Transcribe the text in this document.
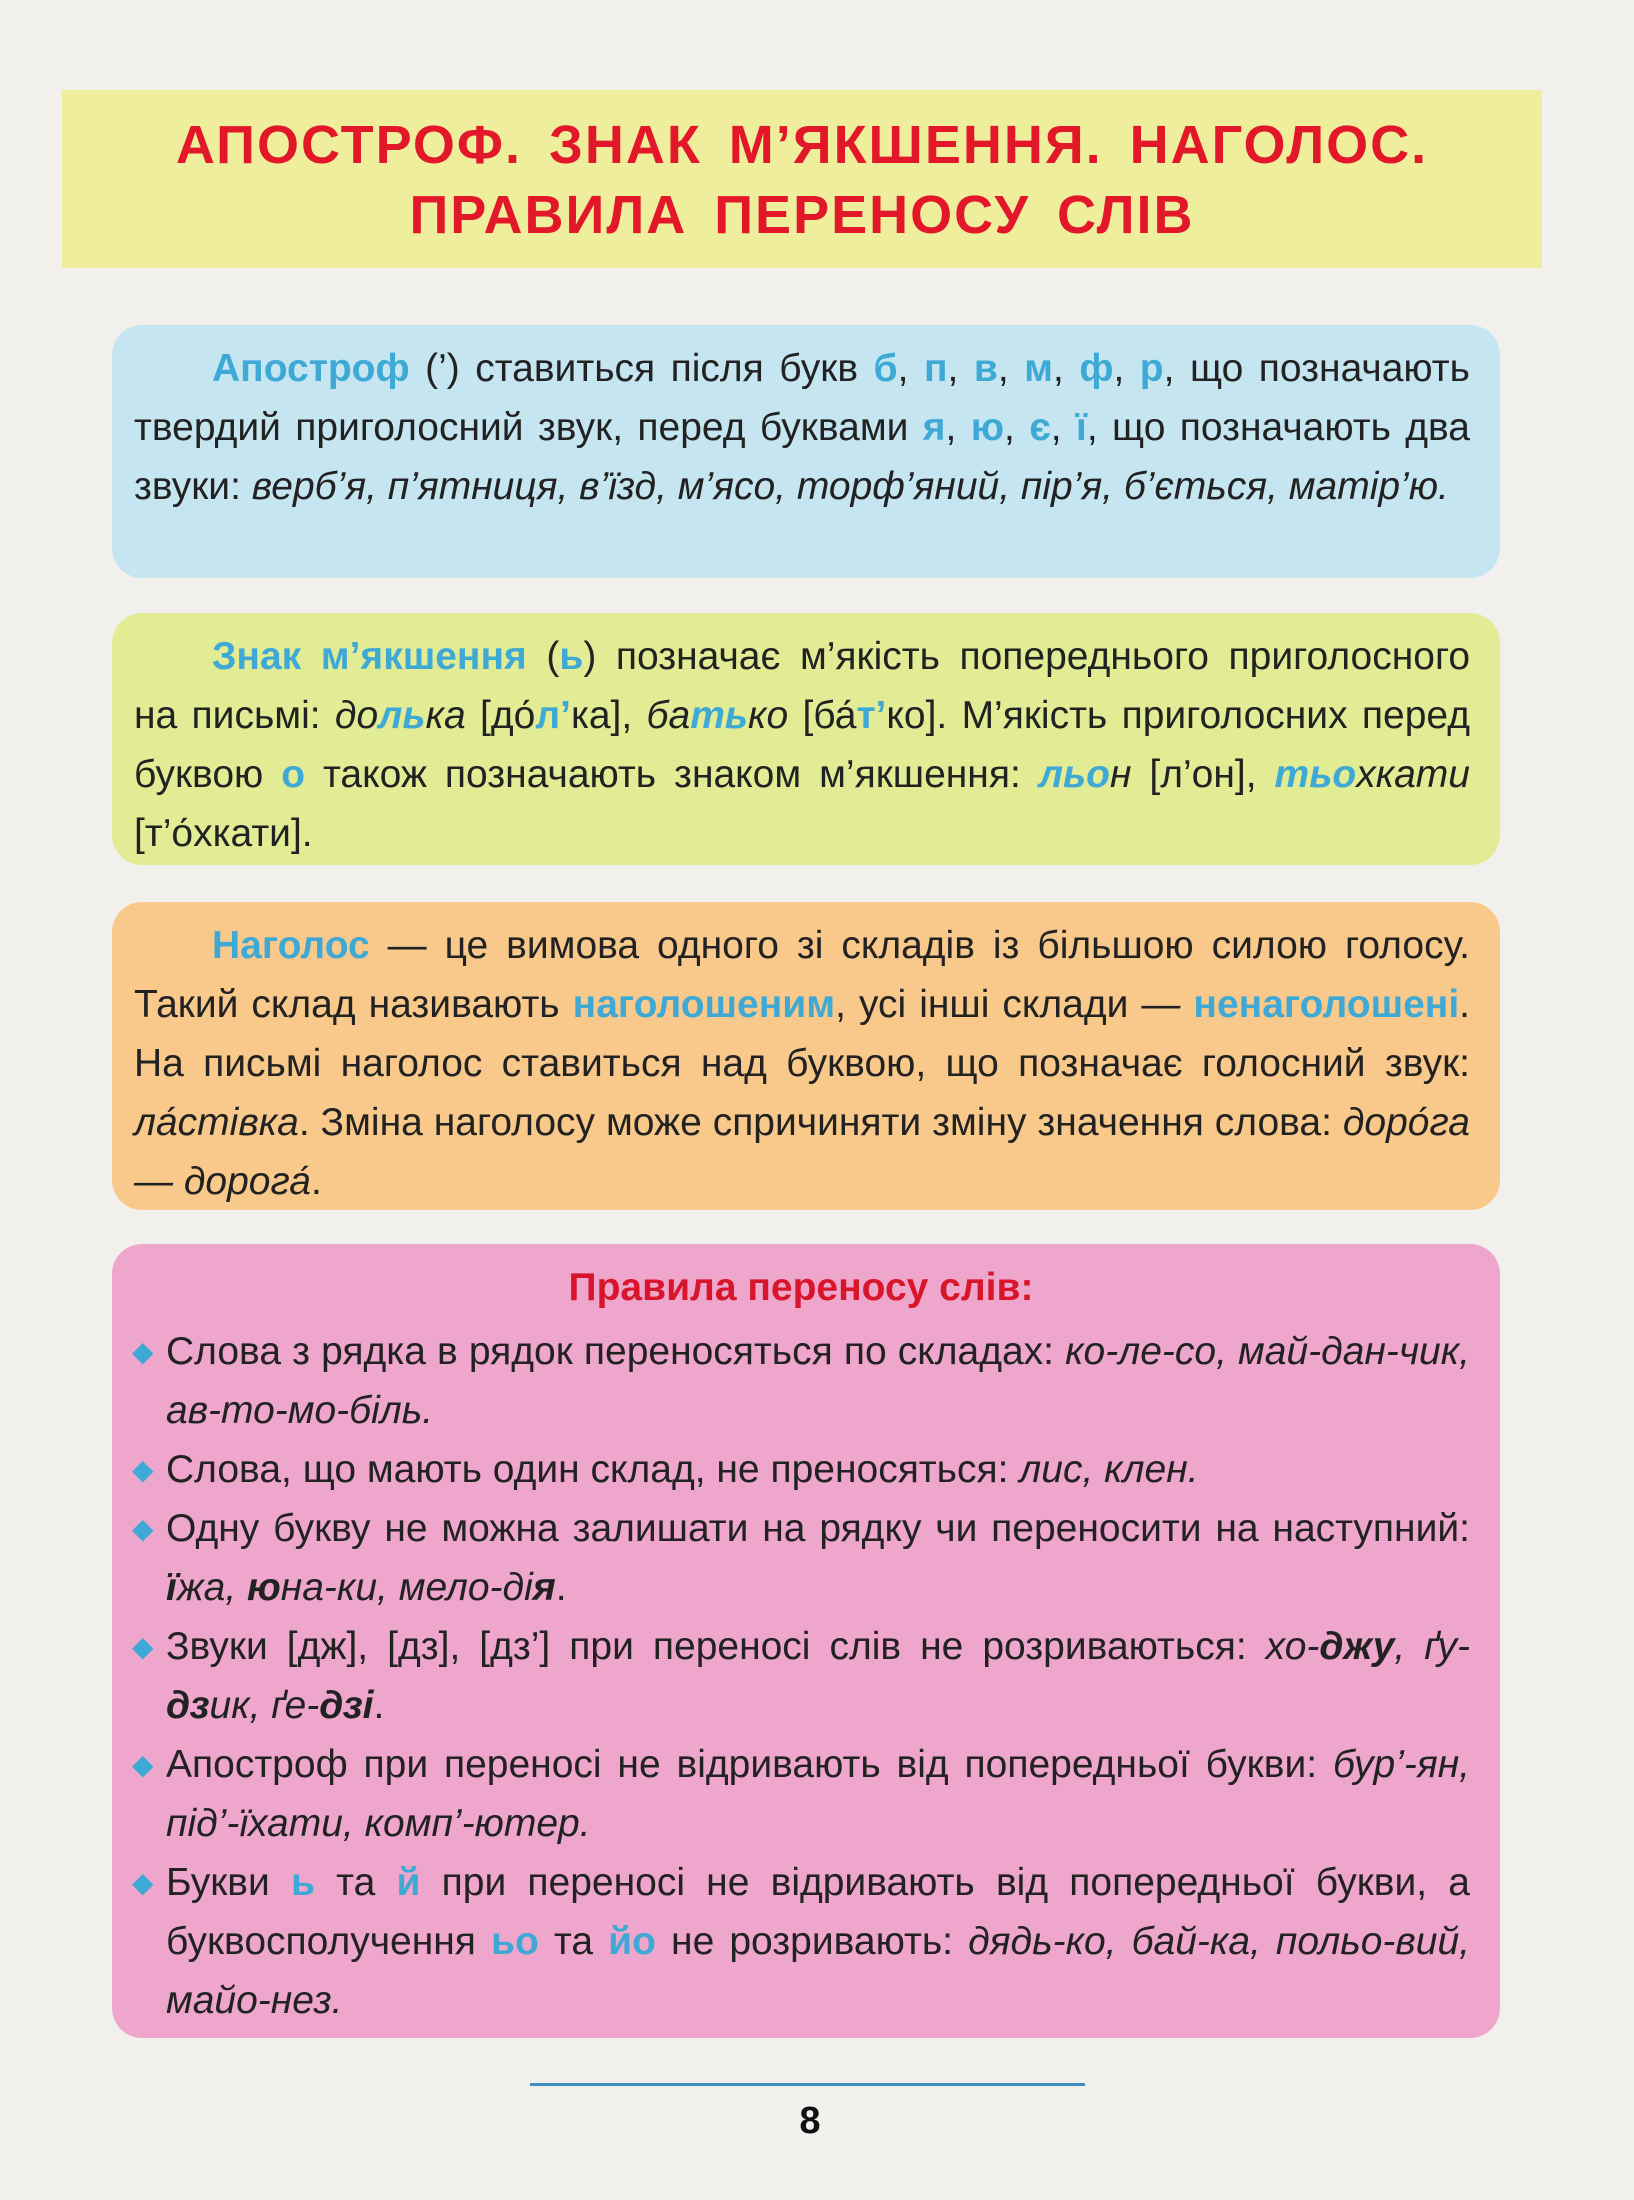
АПОСТРОФ. ЗНАК М’ЯКШЕННЯ. НАГОЛОС.
ПРАВИЛА ПЕРЕНОСУ СЛІВ

Апостроф (’) ставиться після букв б, п, в, м, ф, р, що позначають твердий приголосний звук, перед буквами я, ю, є, ї, що позначають два звуки: верб’я, п’ятниця, в’їзд, м’ясо, торф’яний, пір’я, б’ється, матір’ю.

Знак м’якшення (ь) позначає м’якість попереднього приголосного на письмі: долька [до́л’ка], батько [ба́т’ко]. М’якість приголосних перед буквою о також позначають знаком м’якшення: льон [л’он], тьохкати [т’о́хкати].

Наголос — це вимова одного зі складів із більшою силою голосу. Такий склад називають наголошеним, усі інші склади — ненаголошені. На письмі наголос ставиться над буквою, що позначає голосний звук: ла́стівка. Зміна наголосу може спричиняти зміну значення слова: доро́га — дорога́.

Правила переносу слів:
◆ Слова з рядка в рядок переносяться по складах: ко-ле-со, май-дан-чик, ав-то-мо-біль.
◆ Слова, що мають один склад, не преносяться: лис, клен.
◆ Одну букву не можна залишати на рядку чи переносити на наступний: їжа, юна-ки, мело-дія.
◆ Звуки [дж], [дз], [дз’] при переносі слів не розриваються: хо-джу, ґу-дзик, ґе-дзі.
◆ Апостроф при переносі не відривають від попередньої букви: бур’-ян, під’-їхати, комп’-ютер.
◆ Букви ь та й при переносі не відривають від попередньої букви, а буквосполучення ьо та йо не розривають: дядь-ко, бай-ка, польо-вий, майо-нез.
8
